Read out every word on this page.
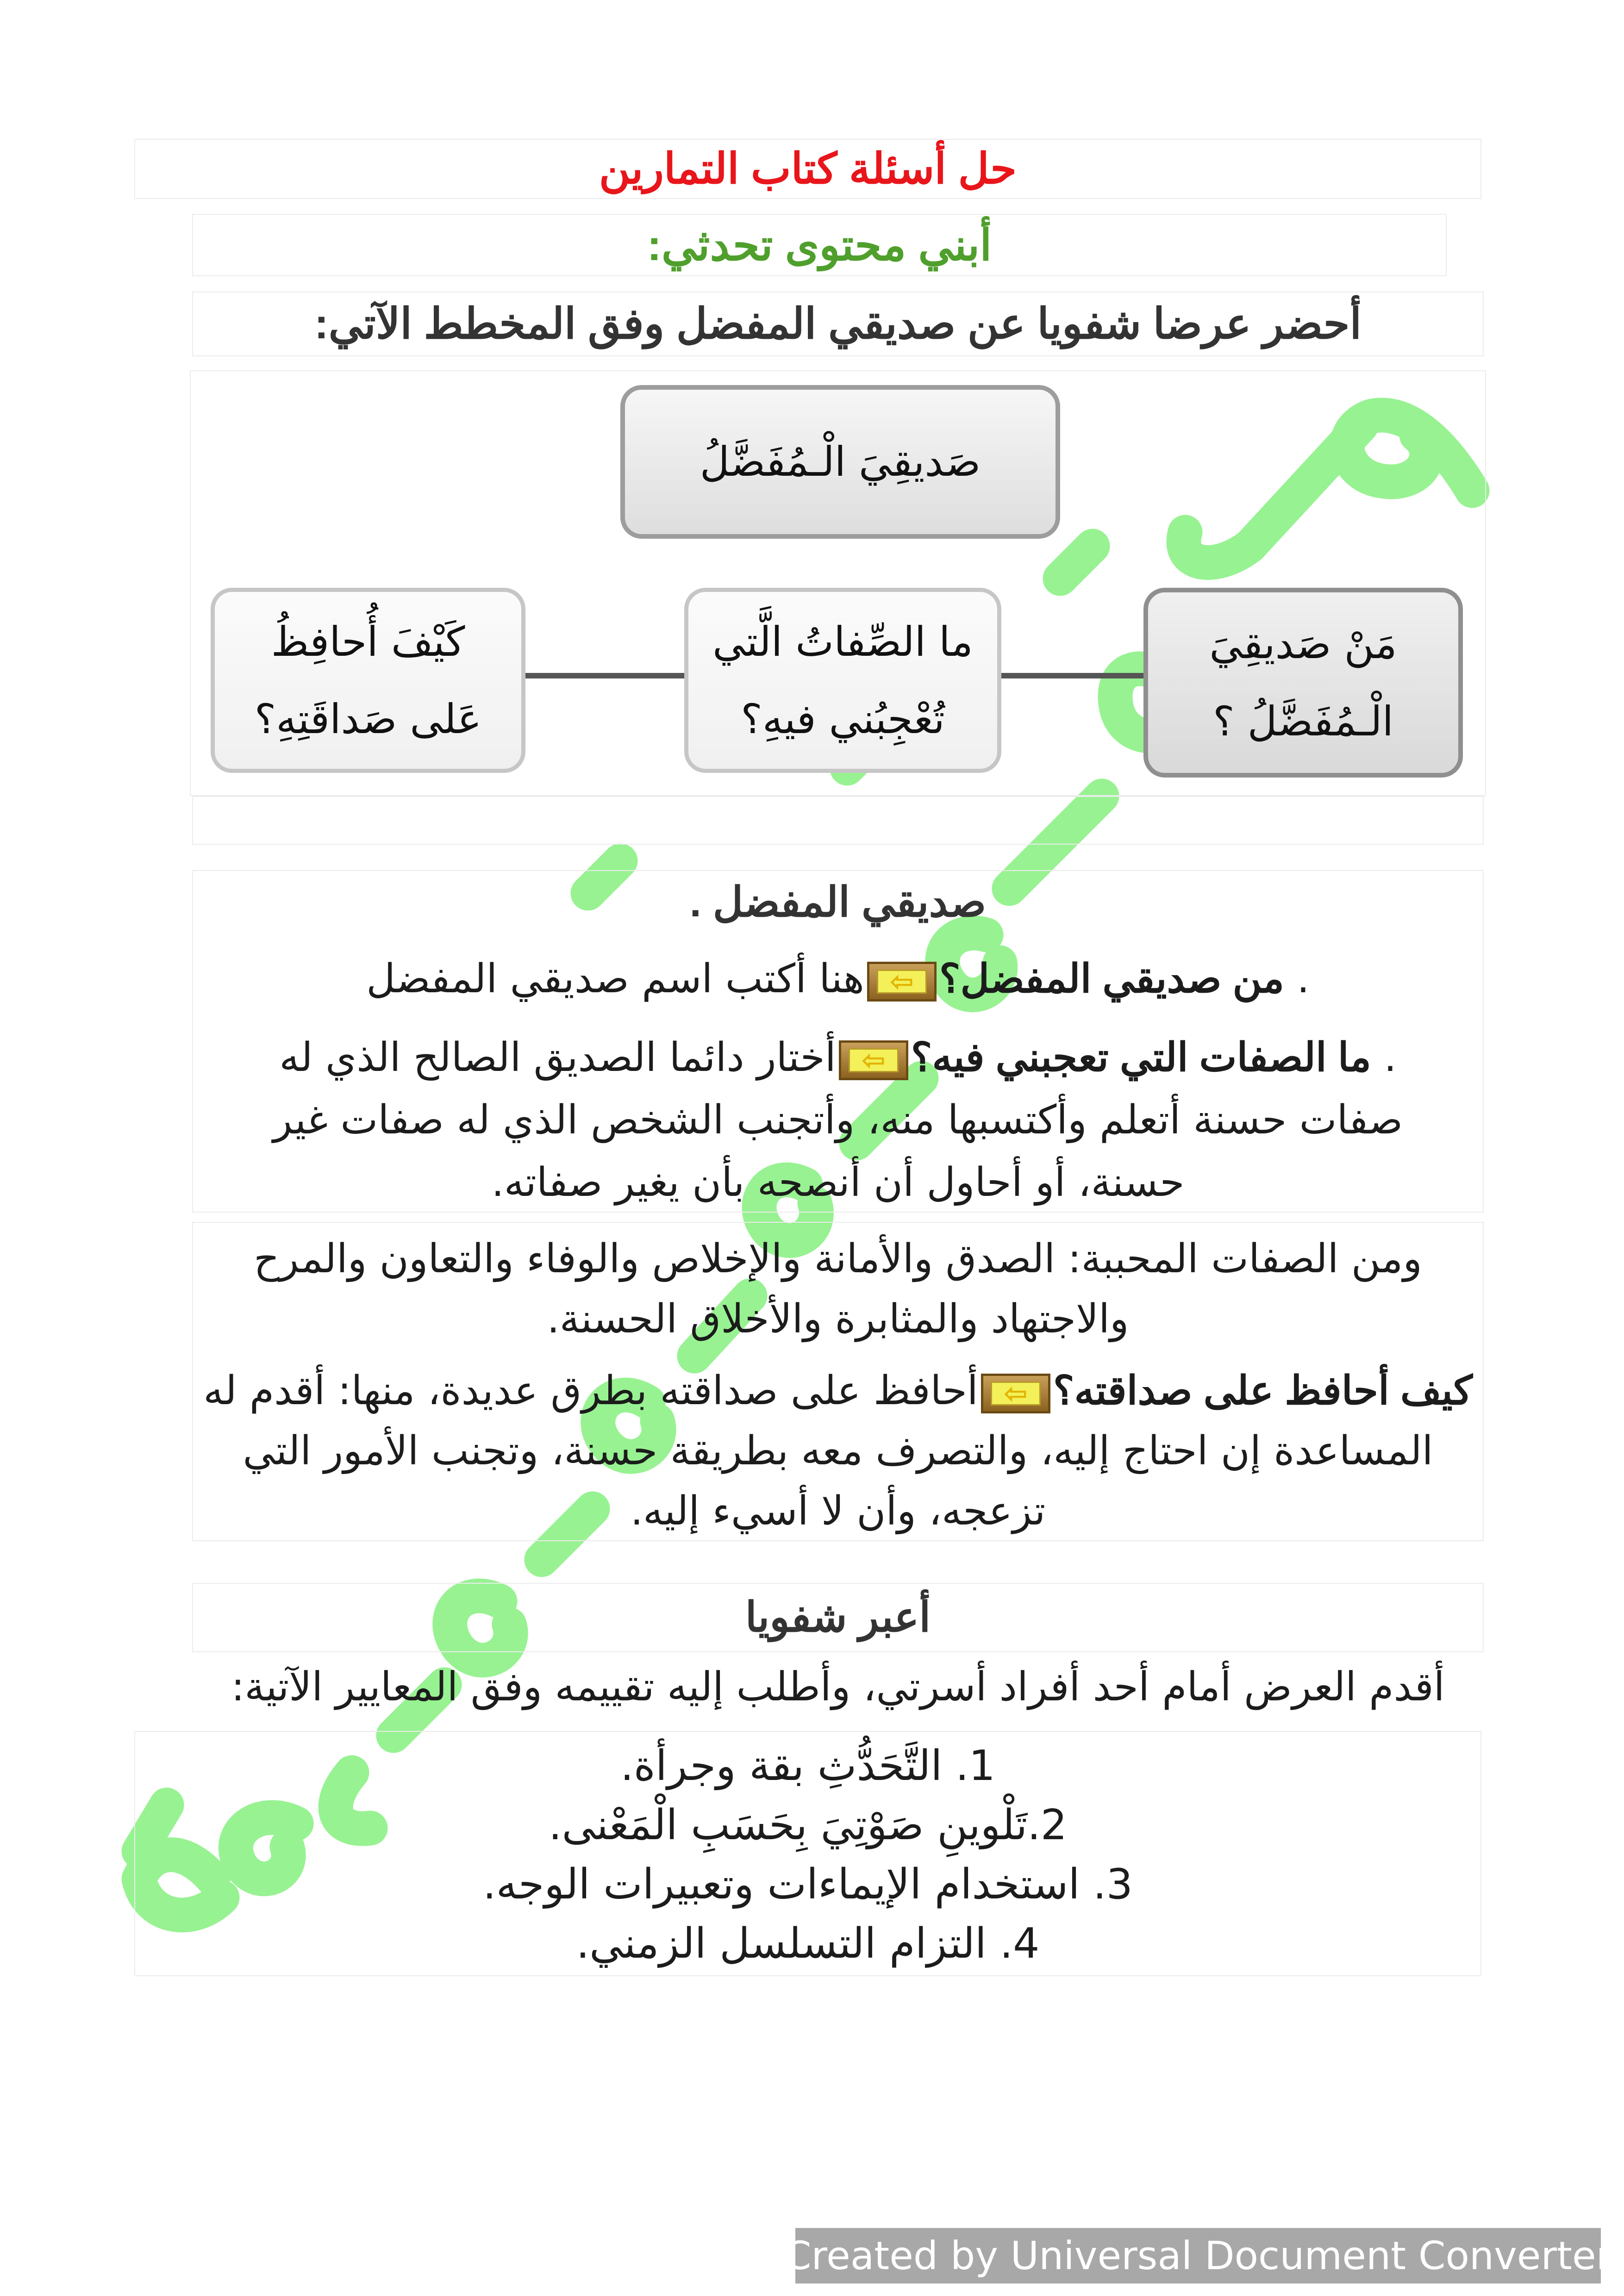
حل أسئلة كتاب التمارين
أبني محتوى تحدثي:
أحضر عرضا شفويا عن صديقي المفضل وفق المخطط الآتي:
صَديقِيَ الْـمُفَضَّلُ
كَيْفَ أُحافِظُ
عَلى صَداقَتِهِ؟
ما الصِّفاتُ الَّتي
تُعْجِبُني فيهِ؟
مَنْ صَديقِيَ
الْـمُفَضَّلُ ؟
صديقي المفضل .
. من صديقي المفضل؟
⇦
هنا أكتب اسم صديقي المفضل
. ما الصفات التي تعجبني فيه؟
⇦
أختار دائما الصديق الصالح الذي له
صفات حسنة أتعلم وأكتسبها منه، وأتجنب الشخص الذي له صفات غير
حسنة، أو أحاول أن أنصحه بأن يغير صفاته.
ومن الصفات المحببة: الصدق والأمانة والإخلاص والوفاء والتعاون والمرح
والاجتهاد والمثابرة والأخلاق الحسنة.
كيف أحافظ على صداقته؟
⇦
أحافظ على صداقته بطرق عديدة، منها: أقدم له
المساعدة إن احتاج إليه، والتصرف معه بطريقة حسنة، وتجنب الأمور التي
تزعجه، وأن لا أسيء إليه.
أعبر شفويا
أقدم العرض أمام أحد أفراد أسرتي، وأطلب إليه تقييمه وفق المعايير الآتية:
1. التَّحَدُّثِ بقة وجرأة.
2.تَلْوينِ صَوْتِيَ بِحَسَبِ الْمَعْنى.
3. استخدام الإيماءات وتعبيرات الوجه.
4. التزام التسلسل الزمني.
Created by Universal Document Converter
